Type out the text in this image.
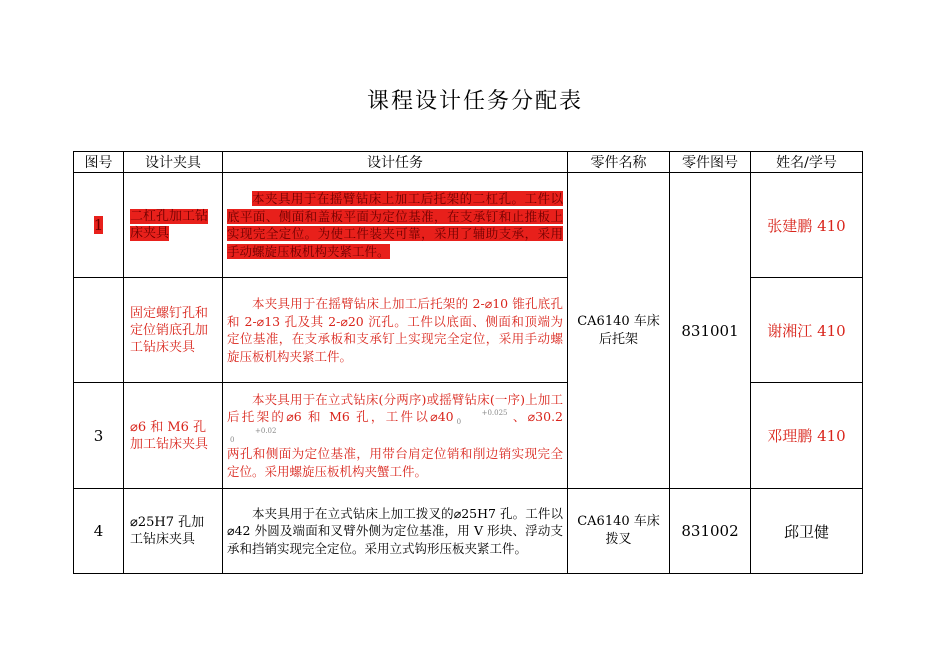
课程设计任务分配表
图号	设计夹具	设计任务	零件名称	零件图号	姓名/学号
1	二杠孔加工钻床夹具	本夹具用于在摇臂钻床上加工后托架的二杠孔。工件以底平面、侧面和盖板平面为定位基准，在支承钉和止推板上实现完全定位。为使工件装夹可靠，采用了辅助支承，采用手动螺旋压板机构夹紧工件。	CA6140 车床后托架	831001	张建鹏 410
	固定螺钉孔和定位销底孔加工钻床夹具	本夹具用于在摇臂钻床上加工后托架的 2-⌀10 锥孔底孔和 2-⌀13 孔及其 2-⌀20 沉孔。工件以底面、侧面和顶端为定位基准，在支承板和支承钉上实现完全定位，采用手动螺旋压板机构夹紧工件。			谢湘江 410
3	⌀6 和 M6 孔加工钻床夹具	本夹具用于在立式钻床(分两序)或摇臂钻床(一序)上加工后托架的⌀6 和 M6 孔，工件以⌀40 +0.025
0 、⌀30.2+0.02
0

两孔和侧面为定位基准，用带台肩定位销和削边销实现完全定位。采用螺旋压板机构夹蟹工件。			邓理鹏 410
4	⌀25H7 孔加工钻床夹具	本夹具用于在立式钻床上加工拨叉的⌀25H7 孔。工件以⌀42 外圆及端面和叉臂外侧为定位基准，用 V 形块、浮动支承和挡销实现完全定位。采用立式钩形压板夹紧工件。	CA6140 车床拨叉	831002	邱卫健
